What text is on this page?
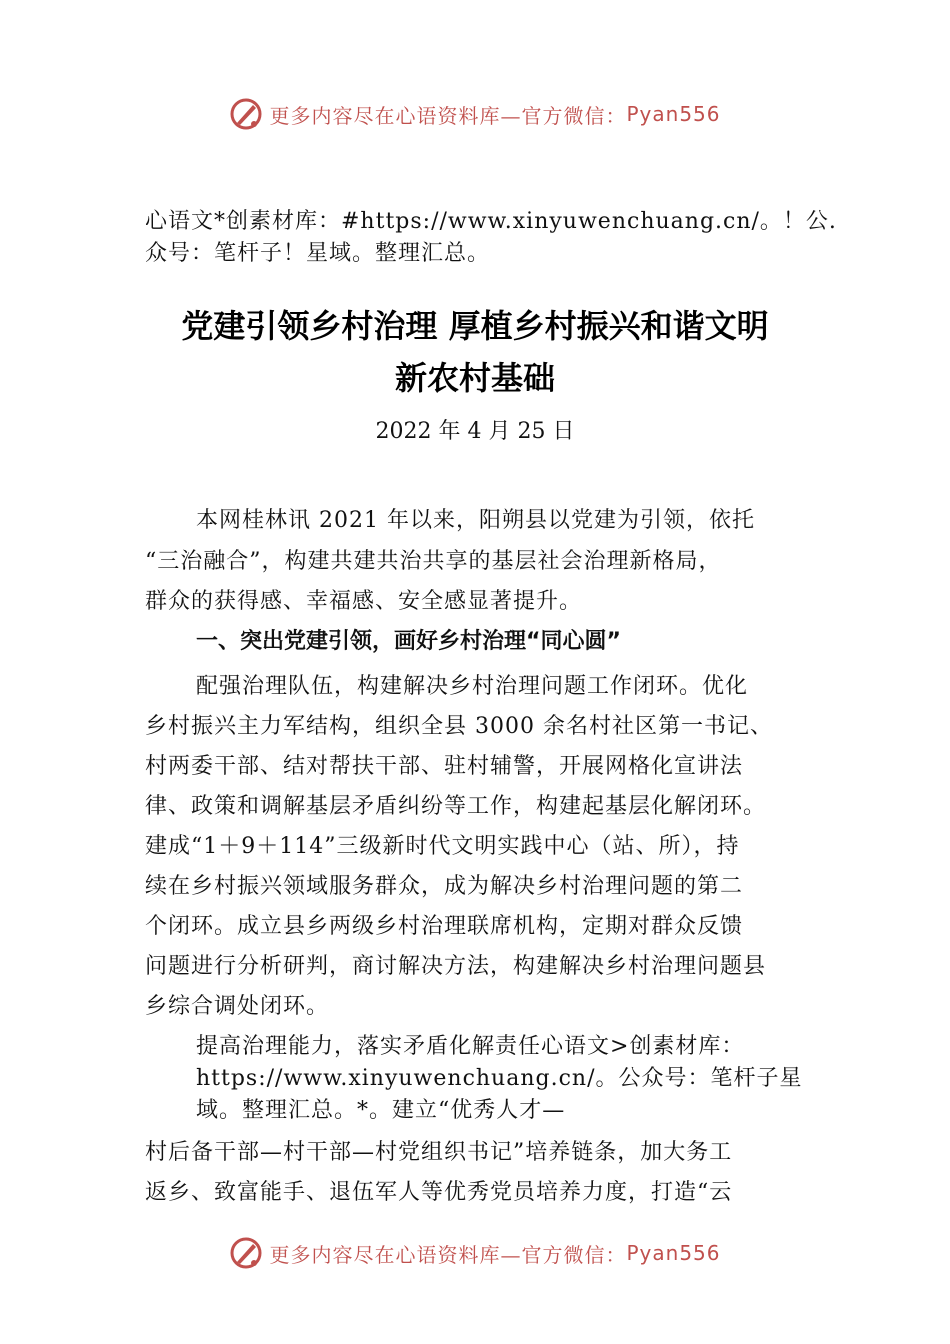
更多内容尽在心语资料库—官方微信： Pyan556
心语文*创素材库：#https://www.xinyuwenchuang.cn/。！公.
众号：笔杆子！星域。整理汇总。
党建引领乡村治理 厚植乡村振兴和谐文明
新农村基础
2022 年 4 月 25 日
本网桂林讯 2021 年以来，阳朔县以党建为引领，依托
“三治融合”，构建共建共治共享的基层社会治理新格局，
群众的获得感、幸福感、安全感显著提升。
一、突出党建引领，画好乡村治理“同心圆”
配强治理队伍，构建解决乡村治理问题工作闭环。优化
乡村振兴主力军结构，组织全县 3000 余名村社区第一书记、
村两委干部、结对帮扶干部、驻村辅警，开展网格化宣讲法
律、政策和调解基层矛盾纠纷等工作，构建起基层化解闭环。
建成“1＋9＋114”三级新时代文明实践中心（站、所），持
续在乡村振兴领域服务群众，成为解决乡村治理问题的第二
个闭环。成立县乡两级乡村治理联席机构，定期对群众反馈
问题进行分析研判，商讨解决方法，构建解决乡村治理问题县
乡综合调处闭环。
提高治理能力，落实矛盾化解责任心语文>创素材库：
https://www.xinyuwenchuang.cn/。公众号：笔杆子星
域。整理汇总。*。建立“优秀人才—
村后备干部—村干部—村党组织书记”培养链条，加大务工
返乡、致富能手、退伍军人等优秀党员培养力度，打造“云
更多内容尽在心语资料库—官方微信： Pyan556
